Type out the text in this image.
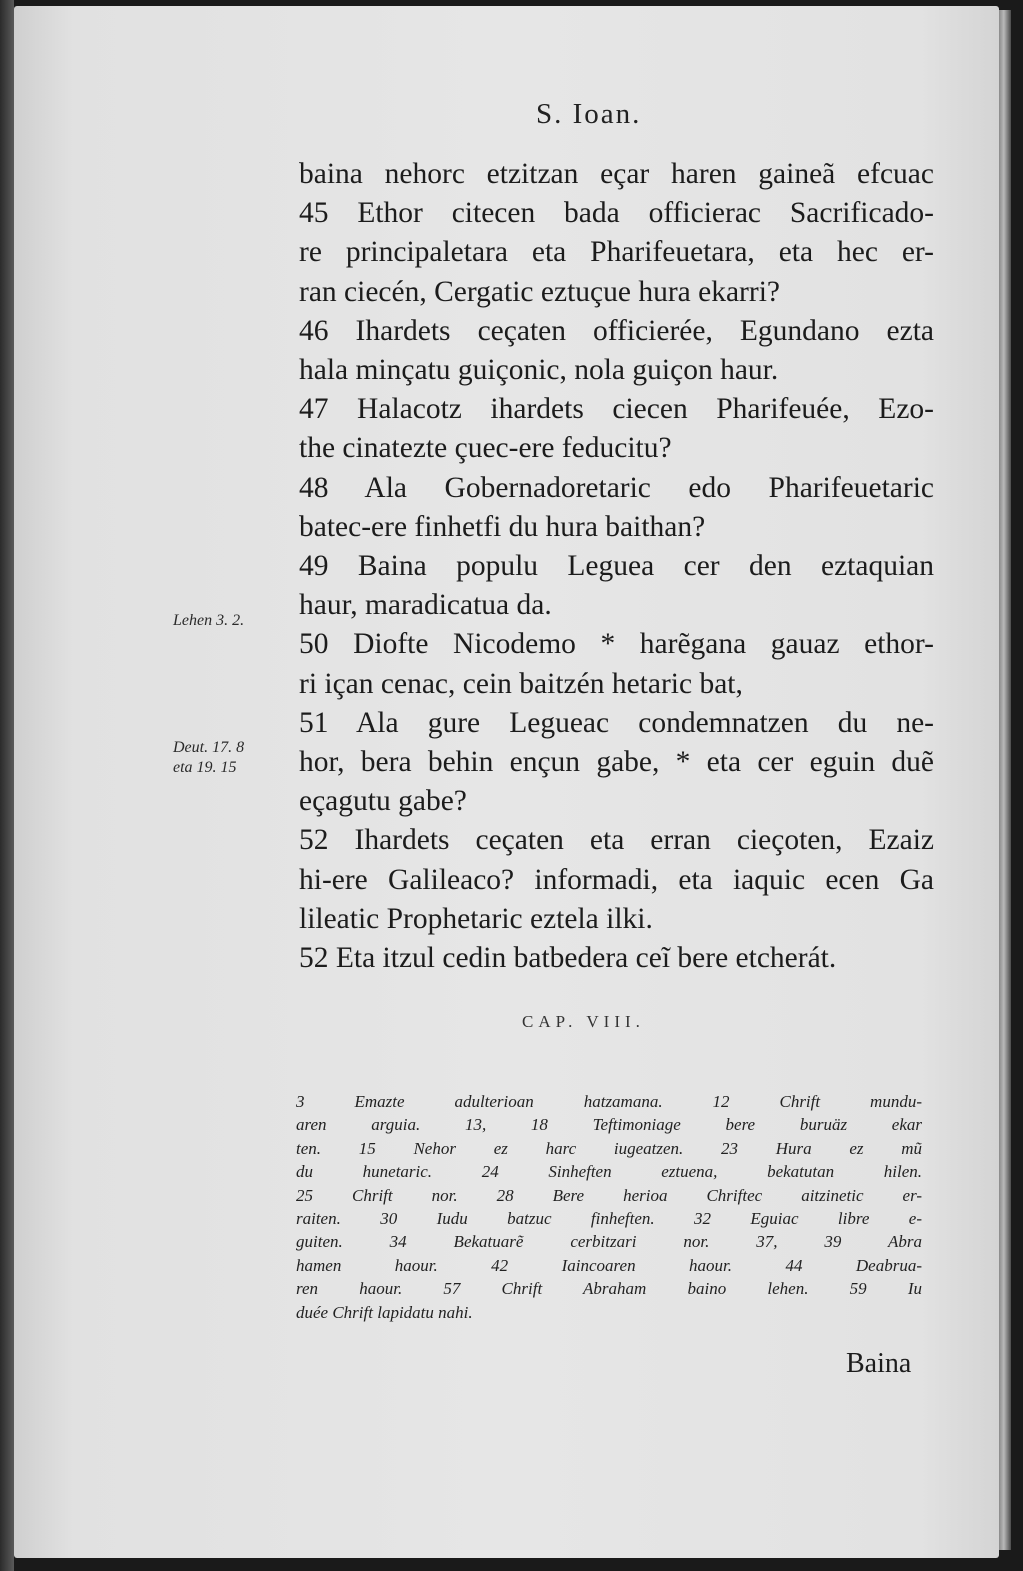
S. Ioan.
baina nehorc etzitzan eçar haren gaineã efcuac
45 Ethor citecen bada officierac Sacrificado-
re principaletara eta Pharifeuetara, eta hec er-
ran ciecén, Cergatic eztuçue hura ekarri?
46 Ihardets ceçaten officierée, Egundano ezta
hala minçatu guiçonic, nola guiçon haur.
47 Halacotz ihardets ciecen Pharifeuée, Ezo-
the cinatezte çuec-ere feducitu?
48 Ala Gobernadoretaric edo Pharifeuetaric
batec-ere finhetfi du hura baithan?
49 Baina populu Leguea cer den eztaquian
haur, maradicatua da.
50 Diofte Nicodemo * harẽgana gauaz ethor-
ri içan cenac, cein baitzén hetaric bat,
51 Ala gure Legueac condemnatzen du ne-
hor, bera behin ençun gabe, * eta cer eguin duẽ
eçagutu gabe?
52 Ihardets ceçaten eta erran cieçoten, Ezaiz
hi-ere Galileaco? informadi, eta iaquic ecen Ga
lileatic Prophetaric eztela ilki.
52 Eta itzul cedin batbedera ceĩ bere etcherát.
Lehen 3. 2.
Deut. 17. 8
eta 19. 15
CAP. VIII.
3 Emazte adulterioan hatzamana. 12 Chrift mundu-
aren arguia. 13, 18 Teftimoniage bere buruäz ekar
ten. 15 Nehor ez harc iugeatzen. 23 Hura ez mũ
du hunetaric. 24 Sinheften eztuena, bekatutan hilen.
25 Chrift nor. 28 Bere herioa Chriftec aitzinetic er-
raiten. 30 Iudu batzuc finheften. 32 Eguiac libre e-
guiten. 34 Bekatuarẽ cerbitzari nor. 37, 39 Abra
hamen haour. 42 Iaincoaren haour. 44 Deabrua-
ren haour. 57 Chrift Abraham baino lehen. 59 Iu
duée Chrift lapidatu nahi.
Baina
